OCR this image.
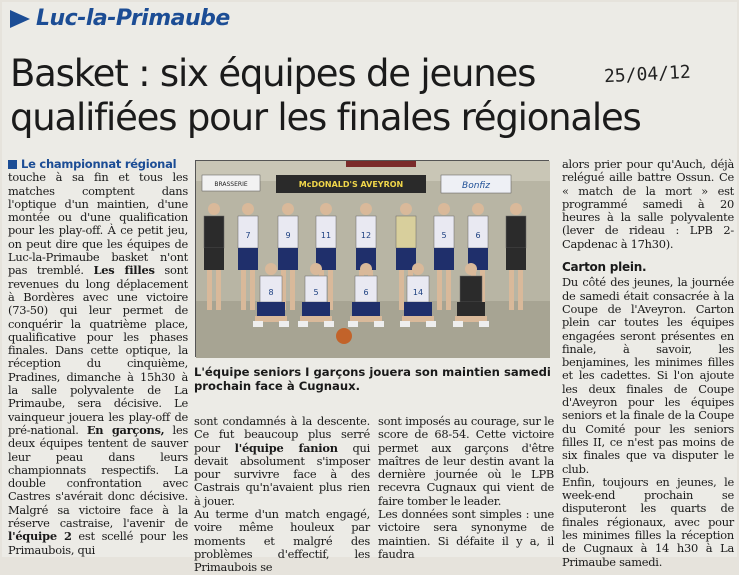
Luc-la-Primaube
Basket : six équipes de jeunes
qualifiées pour les finales régionales
25/04/12
Le championnat régional

touche à sa fin et tous les matches comptent dans l'optique d'un maintien, d'une montée ou d'une qualification pour les play-off. À ce petit jeu, on peut dire que les équipes de Luc-la-Primaube basket n'ont pas tremblé. Les filles sont revenues du long déplacement à Bordères avec une victoire (73-50) qui leur permet de conquérir la quatrième place, qualificative pour les phases finales. Dans cette optique, la réception du cinquième, Pradines, dimanche à 15h30 à la salle polyvalente de La Primaube, sera décisive. Le vainqueur jouera les play-off de pré-national. En garçons, les deux équipes tentent de sauver leur peau dans leurs championnats respectifs. La double confrontation avec Castres s'avérait donc décisive. Malgré sa victoire face à la réserve castraise, l'avenir de l'équipe 2 est scellé pour les Primaubois, qui

BRASSERIE	McDONALD'S AVEYRON	Bonfiz
7	9	11	12	5	6
8	5	6	14
L'équipe seniors I garçons jouera son maintien samedi prochain face à Cugnaux.

sont condamnés à la descente. Ce fut beaucoup plus serré pour l'équipe fanion qui devait absolument s'imposer pour survivre face à des Castrais qu'n'avaient plus rien à jouer.

Au terme d'un match engagé, voire même houleux par moments et malgré des problèmes d'effectif, les Primaubois se

sont imposés au courage, sur le score de 68-54. Cette victoire permet aux garçons d'être maîtres de leur destin avant la dernière journée où le LPB recevra Cugnaux qui vient de faire tomber le leader.

Les données sont simples : une victoire sera synonyme de maintien. Si défaite il y a, il faudra

alors prier pour qu'Auch, déjà relégué aille battre Ossun. Ce « match de la mort » est programmé samedi à 20 heures à la salle polyvalente (lever de rideau : LPB 2-Capdenac à 17h30).

Carton plein.

Du côté des jeunes, la journée de samedi était consacrée à la Coupe de l'Aveyron. Carton plein car toutes les équipes engagées seront présentes en finale, à savoir, les benjamines, les minimes filles et les cadettes. Si l'on ajoute les deux finales de Coupe d'Aveyron pour les équipes seniors et la finale de la Coupe du Comité pour les seniors filles II, ce n'est pas moins de six finales que va disputer le club.

Enfin, toujours en jeunes, le week-end prochain se disputeront les quarts de finales régionaux, avec pour les minimes filles la réception de Cugnaux à 14 h30 à La Primaube samedi.
